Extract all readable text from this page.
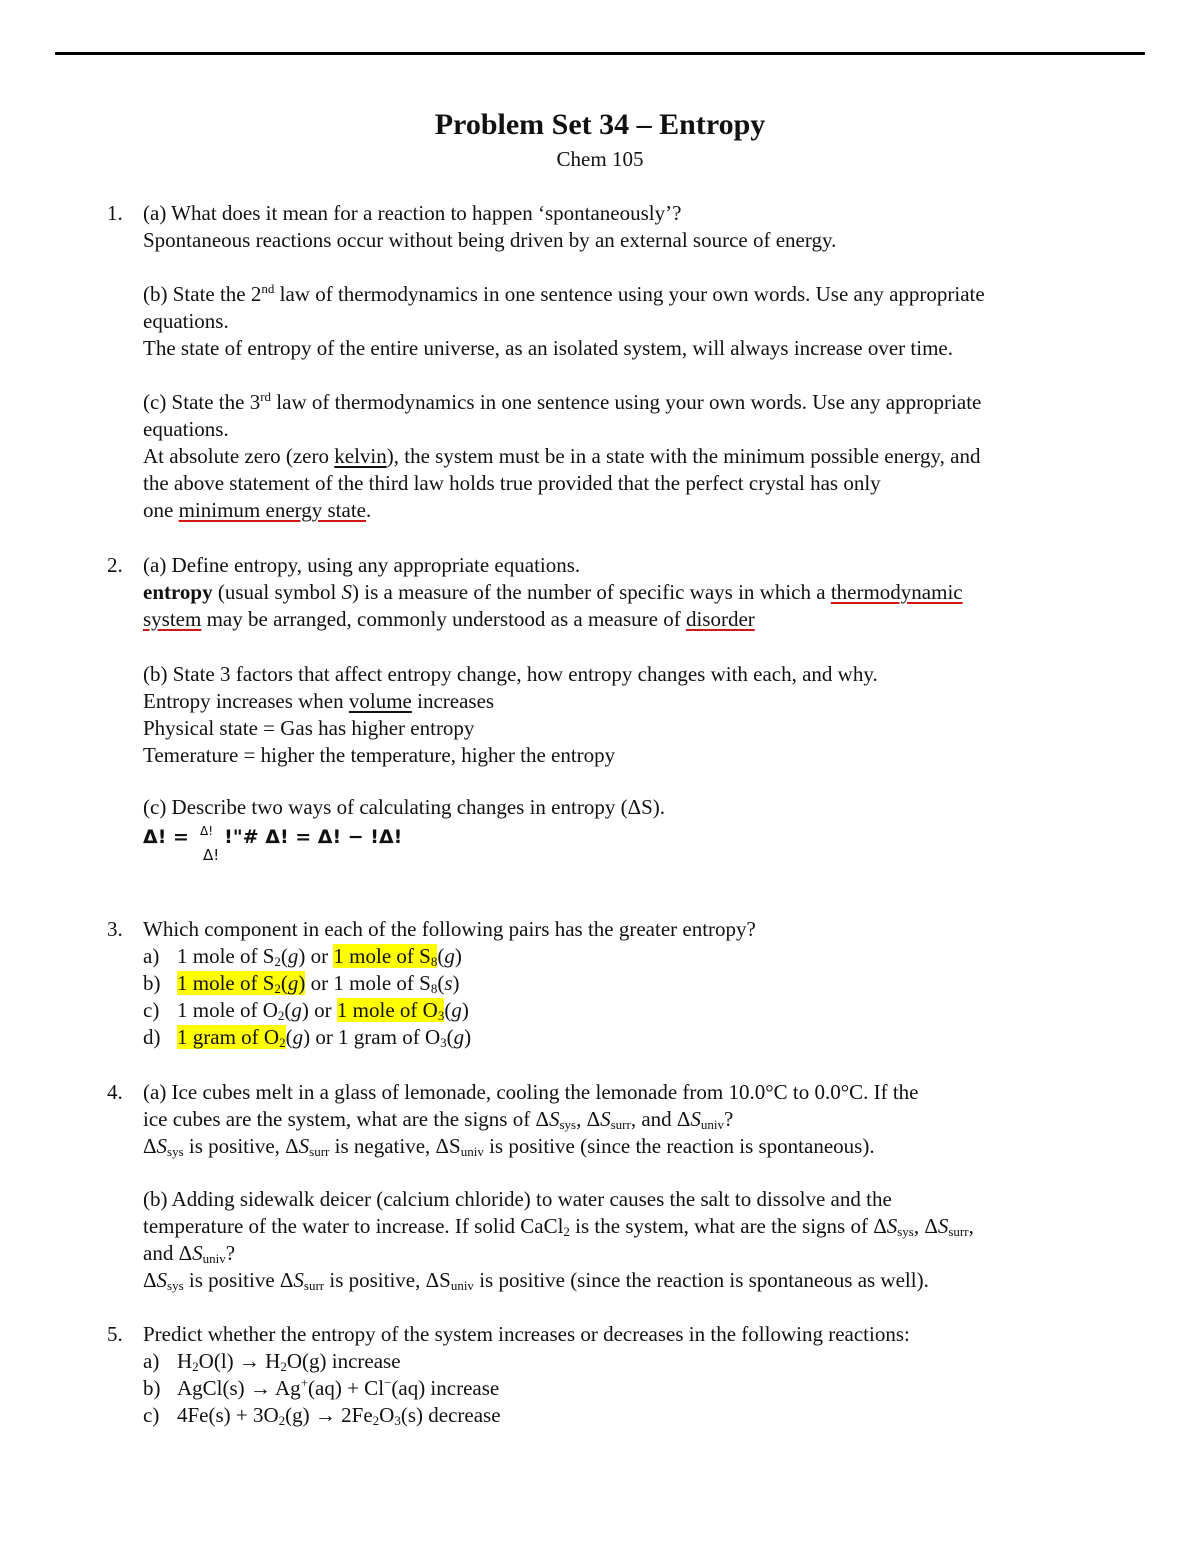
Problem Set 34 – Entropy
Chem 105
1. (a) What does it mean for a reaction to happen ‘spontaneously’?
Spontaneous reactions occur without being driven by an external source of energy.
(b) State the 2nd law of thermodynamics in one sentence using your own words. Use any appropriate
equations.
The state of entropy of the entire universe, as an isolated system, will always increase over time.
(c) State the 3rd law of thermodynamics in one sentence using your own words. Use any appropriate
equations.
At absolute zero (zero kelvin), the system must be in a state with the minimum possible energy, and
the above statement of the third law holds true provided that the perfect crystal has only
one minimum energy state.
2. (a) Define entropy, using any appropriate equations.
entropy (usual symbol S) is a measure of the number of specific ways in which a thermodynamic
system may be arranged, commonly understood as a measure of disorder
(b) State 3 factors that affect entropy change, how entropy changes with each, and why.
Entropy increases when volume increases
Physical state = Gas has higher entropy
Temerature = higher the temperature, higher the entropy
(c) Describe two ways of calculating changes in entropy (ΔS).
Δ! =  !"# Δ! = Δ! − !Δ!
Δ!
Δ!
3. Which component in each of the following pairs has the greater entropy?
a) 1 mole of $S_2(g)$ or 1 mole of $S_8(g)$
b) 1 mole of $S_2(g)$ or 1 mole of $S_8(s)$
c) 1 mole of $O_2(g)$ or 1 mole of $O_3(g)$
d) 1 gram of $O_2(g)$ or 1 gram of $O_3(g)$
4. (a) Ice cubes melt in a glass of lemonade, cooling the lemonade from 10.0°C to 0.0°C. If the
ice cubes are the system, what are the signs of $\Delta S_{sys}$, $\Delta S_{surr}$, and $\Delta S_{univ}$?
$\Delta S_{sys}$ is positive, $\Delta S_{surr}$ is negative, $\Delta S_{univ}$ is positive (since the reaction is spontaneous).
(b) Adding sidewalk deicer (calcium chloride) to water causes the salt to dissolve and the
temperature of the water to increase. If solid CaCl$_2$ is the system, what are the signs of $\Delta S_{sys}$, $\Delta S_{surr}$,
and $\Delta S_{univ}$?
$\Delta S_{sys}$ is positive $\Delta S_{surr}$ is positive, $\Delta S_{univ}$ is positive (since the reaction is spontaneous as well).
5. Predict whether the entropy of the system increases or decreases in the following reactions:
a) $H_2O(l) \to H_2O(g)$ increase
b) AgCl(s) → Ag+(aq) + Cl−(aq) increase
c) $4Fe(s) + 3O_2(g) \to 2Fe_2O_3(s)$ decrease
